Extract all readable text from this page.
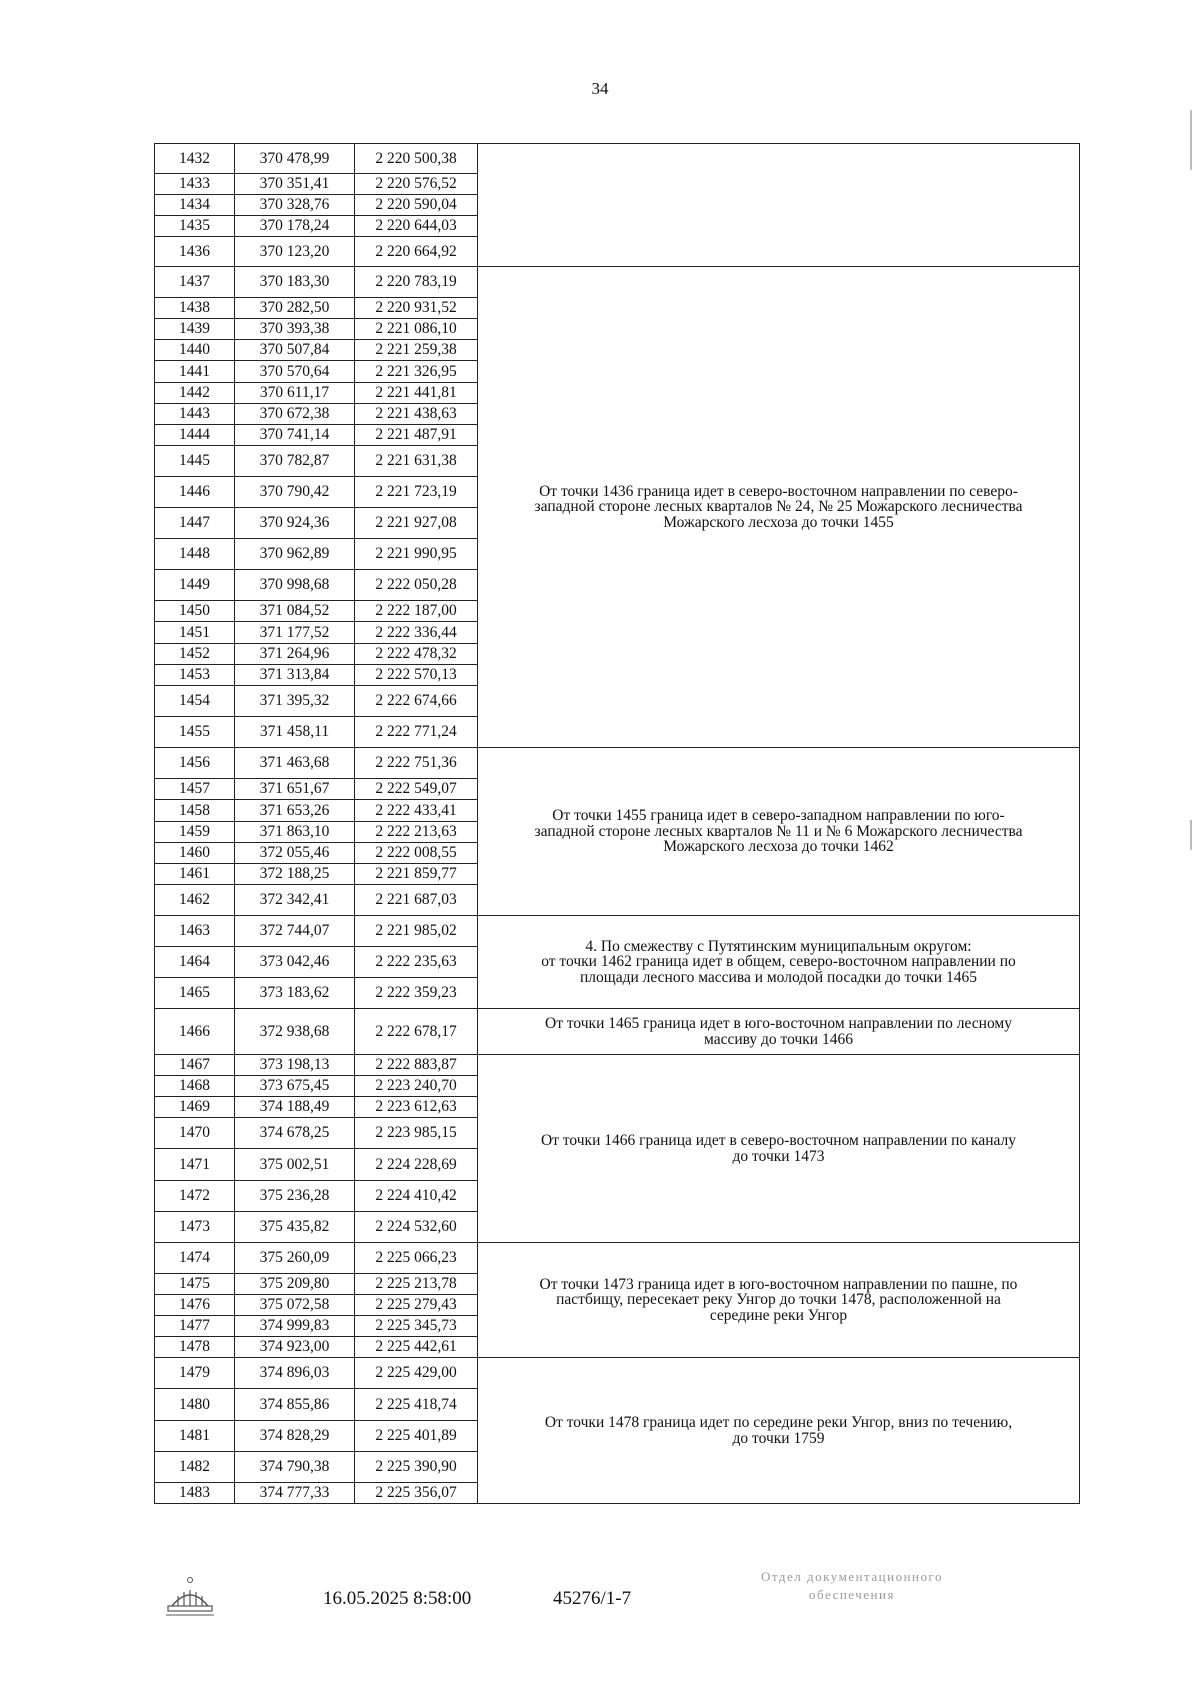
34
1432	370 478,99	2 220 500,38	
1433	370 351,41	2 220 576,52	
1434	370 328,76	2 220 590,04	
1435	370 178,24	2 220 644,03	
1436	370 123,20	2 220 664,92	
1437	370 183,30	2 220 783,19	От точки 1436 граница идет в северо-восточном направлении по северо-
западной стороне лесных кварталов № 24, № 25 Можарского лесничества
Можарского лесхоза до точки 1455

1438	370 282,50	2 220 931,52	
1439	370 393,38	2 221 086,10	
1440	370 507,84	2 221 259,38	
1441	370 570,64	2 221 326,95	
1442	370 611,17	2 221 441,81	
1443	370 672,38	2 221 438,63	
1444	370 741,14	2 221 487,91	
1445	370 782,87	2 221 631,38	
1446	370 790,42	2 221 723,19	
1447	370 924,36	2 221 927,08	
1448	370 962,89	2 221 990,95	
1449	370 998,68	2 222 050,28	
1450	371 084,52	2 222 187,00	
1451	371 177,52	2 222 336,44	
1452	371 264,96	2 222 478,32	
1453	371 313,84	2 222 570,13	
1454	371 395,32	2 222 674,66	
1455	371 458,11	2 222 771,24	
1456	371 463,68	2 222 751,36	От точки 1455 граница идет в северо-западном направлении по юго-
западной стороне лесных кварталов № 11 и № 6 Можарского лесничества
Можарского лесхоза до точки 1462

1457	371 651,67	2 222 549,07	
1458	371 653,26	2 222 433,41	
1459	371 863,10	2 222 213,63	
1460	372 055,46	2 222 008,55	
1461	372 188,25	2 221 859,77	
1462	372 342,41	2 221 687,03	
1463	372 744,07	2 221 985,02	4. По смежеству с Путятинским муниципальным округом:
от точки 1462 граница идет в общем, северо-восточном направлении по
площади лесного массива и молодой посадки до точки 1465

1464	373 042,46	2 222 235,63	
1465	373 183,62	2 222 359,23	
1466	372 938,68	2 222 678,17	От точки 1465 граница идет в юго-восточном направлении по лесному
массиву до точки 1466

1467	373 198,13	2 222 883,87	От точки 1466 граница идет в северо-восточном направлении по каналу
до точки 1473

1468	373 675,45	2 223 240,70	
1469	374 188,49	2 223 612,63	
1470	374 678,25	2 223 985,15	
1471	375 002,51	2 224 228,69	
1472	375 236,28	2 224 410,42	
1473	375 435,82	2 224 532,60	
1474	375 260,09	2 225 066,23	От точки 1473 граница идет в юго-восточном направлении по пашне, по
пастбищу, пересекает реку Унгор до точки 1478, расположенной на
середине реки Унгор

1475	375 209,80	2 225 213,78	
1476	375 072,58	2 225 279,43	
1477	374 999,83	2 225 345,73	
1478	374 923,00	2 225 442,61	
1479	374 896,03	2 225 429,00	От точки 1478 граница идет по середине реки Унгор, вниз по течению,
до точки 1759

1480	374 855,86	2 225 418,74	
1481	374 828,29	2 225 401,89	
1482	374 790,38	2 225 390,90	
1483	374 777,33	2 225 356,07	
16.05.2025 8:58:00	45276/1-7
Отдел документационного
обеспечения
